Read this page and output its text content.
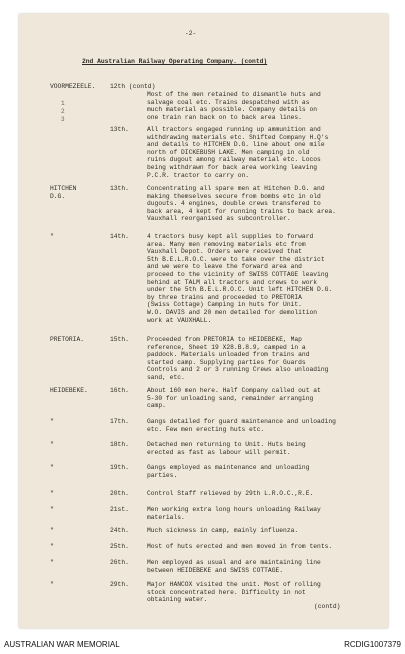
-2-
2nd Australian Railway Operating Company. (contd)
VOORMEZEELE. 12th (contd)
Most of the men retained to dismantle huts and
salvage coal etc. Trains despatched with as
much material as possible. Company details on
one train ran back on to back area lines.
13th.	All tractors engaged running up ammunition and
withdrawing materials etc. Shifted Company H.Q's
and details to HITCHEN D.G. line about one mile
north of DICKEBUSH LAKE. Men camping in old
ruins dugout among railway material etc. Locos
being withdrawn for back area working leaving
P.C.R. tractor to carry on.
HITCHEN
D.G.
13th.	Concentrating all spare men at Hitchen D.G. and
making themselves secure from bombs etc in old
dugouts. 4 engines, double crews transfered to
back area, 4 kept for running trains to back area.
Vauxhall reorganised as subcontroller.
"	14th.	4 tractors busy kept all supplies to forward
area. Many men removing materials etc from
Vauxhall Depot. Orders were received that
5th B.E.L.R.O.C. were to take over the district
and we were to leave the forward area and
proceed to the vicinity of SWISS COTTAGE leaving
behind at TALM all tractors and crews to work
under the 5th B.E.L.R.O.C. Unit left HITCHEN D.G.
by three trains and proceeded to PRETORIA
(Swiss Cottage) Camping in huts for Unit.
W.O. DAVIS and 20 men detailed for demolition
work at VAUXHALL.
PRETORIA.	15th.	Proceeded from PRETORIA to HEIDEBEKE, Map
reference, Sheet 19 X28.B.8.9, camped in a
paddock. Materials unloaded from trains and
started camp. Supplying parties for Guards
Controls and 2 or 3 running Crews also unloading
sand, etc.
HEIDEBEKE.	16th.	About 160 men here. Half Company called out at
5-30 for unloading sand, remainder arranging
camp.
"	17th.	Gangs detailed for guard maintenance and unloading
etc. Few men erecting huts etc.
"	18th.	Detached men returning to Unit. Huts being
erected as fast as labour will permit.
"	19th.	Gangs employed as maintenance and unloading
parties.
"	20th.	Control Staff relieved by 29th L.R.O.C.,R.E.
"	21st.	Men working extra long hours unloading Railway
materials.
"	24th.	Much sickness in camp, mainly influenza.
"	25th.	Most of huts erected and men moved in from tents.
"	26th.	Men employed as usual and are maintaining line
between HEIDEBEKE and SWISS COTTAGE.
"	29th.	Major HANCOX visited the unit. Most of rolling
stock concentrated here. Difficulty in not
obtaining water.
1
2
3
(contd)
AUSTRALIAN WAR MEMORIAL	RCDIG1007379
